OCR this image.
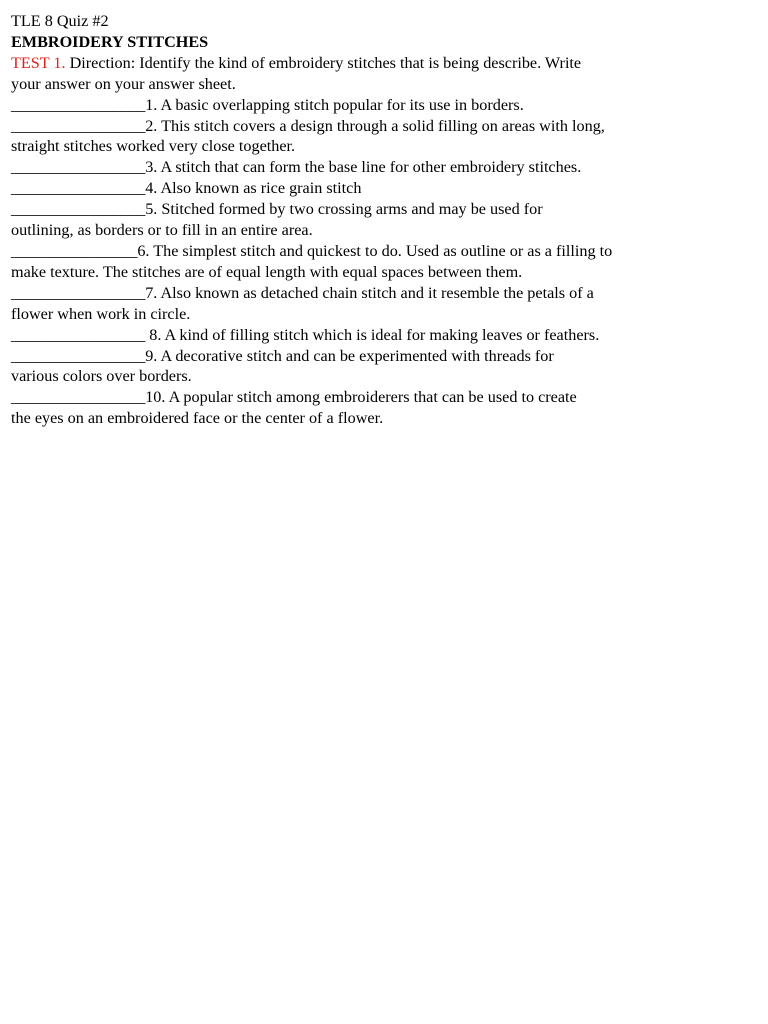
TLE 8 Quiz #2
EMBROIDERY STITCHES
TEST 1. Direction: Identify the kind of embroidery stitches that is being describe. Write
your answer on your answer sheet.
_________________1. A basic overlapping stitch popular for its use in borders.
_________________2. This stitch covers a design through a solid filling on areas with long,
straight stitches worked very close together.
_________________3. A stitch that can form the base line for other embroidery stitches.
_________________4. Also known as rice grain stitch
_________________5. Stitched formed by two crossing arms and may be used for
outlining, as borders or to fill in an entire area.
________________6. The simplest stitch and quickest to do. Used as outline or as a filling to
make texture. The stitches are of equal length with equal spaces between them.
_________________7. Also known as detached chain stitch and it resemble the petals of a
flower when work in circle.
_________________ 8. A kind of filling stitch which is ideal for making leaves or feathers.
_________________9. A decorative stitch and can be experimented with threads for
various colors over borders.
_________________10. A popular stitch among embroiderers that can be used to create
the eyes on an embroidered face or the center of a flower.
